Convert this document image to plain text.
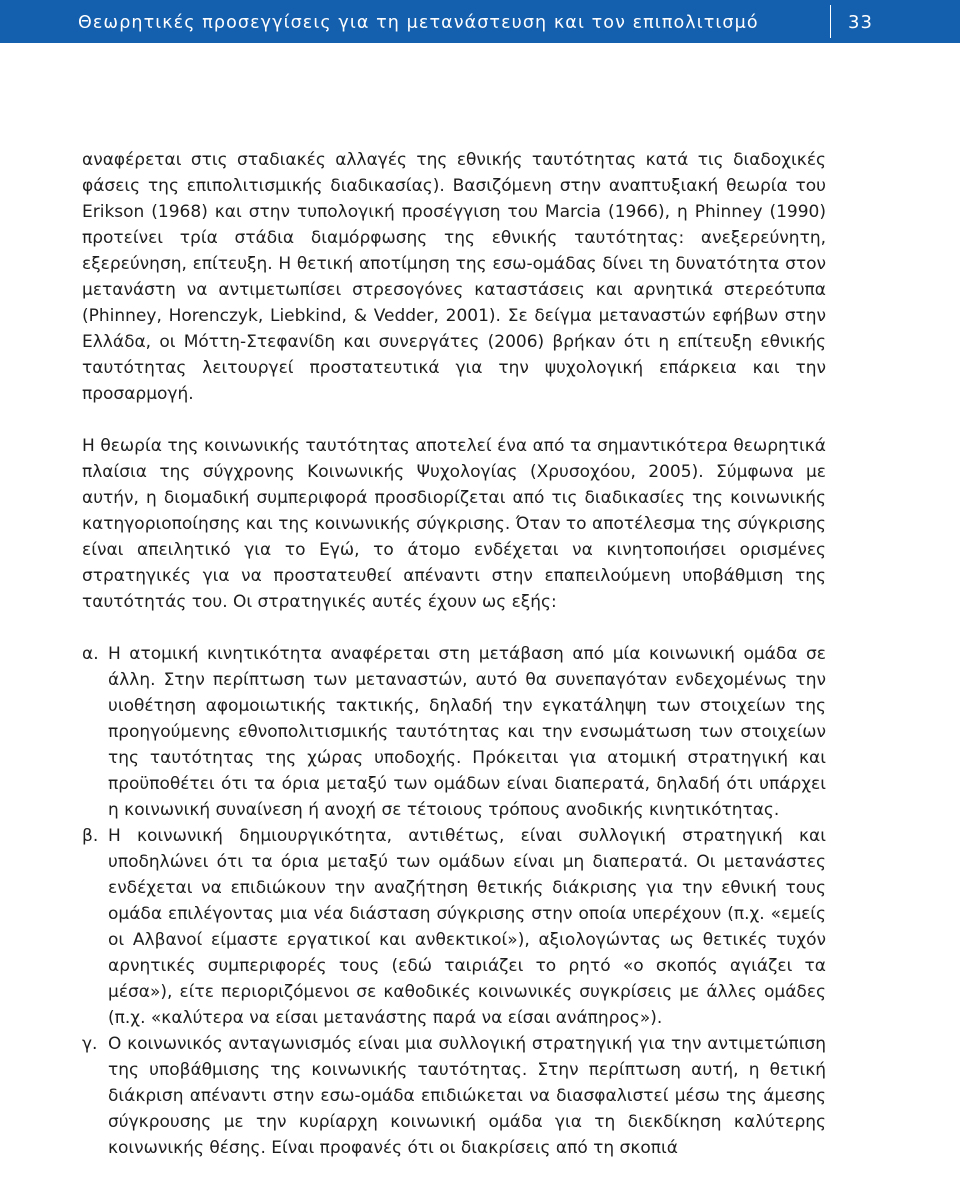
Θεωρητικές προσεγγίσεις για τη μετανάστευση και τον επιπολιτισμό	33

αναφέρεται στις σταδιακές αλλαγές της εθνικής ταυτότητας κατά τις διαδοχικές φάσεις της επιπολιτισμικής διαδικασίας). Βασιζόμενη στην αναπτυξιακή θεωρία του Erikson (1968) και στην τυπολογική προσέγγιση του Marcia (1966), η Phinney (1990) προτείνει τρία στάδια διαμόρφωσης της εθνικής ταυτότητας: ανεξερεύνητη, εξερεύνηση, επίτευξη. Η θετική αποτίμηση της εσω-ομάδας δίνει τη δυνατότητα στον μετανάστη να αντιμετωπίσει στρεσογόνες καταστάσεις και αρνητικά στερεότυπα (Phinney, Horenczyk, Liebkind, & Vedder, 2001). Σε δείγμα μεταναστών εφήβων στην Ελλάδα, οι Μόττη-Στεφανίδη και συνεργάτες (2006) βρήκαν ότι η επίτευξη εθνικής ταυτότητας λειτουργεί προστατευτικά για την ψυχολογική επάρκεια και την προσαρμογή.

Η θεωρία της κοινωνικής ταυτότητας αποτελεί ένα από τα σημαντικότερα θεωρητικά πλαίσια της σύγχρονης Κοινωνικής Ψυχολογίας (Χρυσοχόου, 2005). Σύμφωνα με αυτήν, η διομαδική συμπεριφορά προσδιορίζεται από τις διαδικασίες της κοινωνικής κατηγοριοποίησης και της κοινωνικής σύγκρισης. Όταν το αποτέλεσμα της σύγκρισης είναι απειλητικό για το Εγώ, το άτομο ενδέχεται να κινητοποιήσει ορισμένες στρατηγικές για να προστατευθεί απέναντι στην επαπειλούμενη υποβάθμιση της ταυτότητάς του. Οι στρατηγικές αυτές έχουν ως εξής:

α. Η ατομική κινητικότητα αναφέρεται στη μετάβαση από μία κοινωνική ομάδα σε άλλη. Στην περίπτωση των μεταναστών, αυτό θα συνεπαγόταν ενδεχομένως την υιοθέτηση αφομοιωτικής τακτικής, δηλαδή την εγκατάληψη των στοιχείων της προηγούμενης εθνοπολιτισμικής ταυτότητας και την ενσωμάτωση των στοιχείων της ταυτότητας της χώρας υποδοχής. Πρόκειται για ατομική στρατηγική και προϋποθέτει ότι τα όρια μεταξύ των ομάδων είναι διαπερατά, δηλαδή ότι υπάρχει η κοινωνική συναίνεση ή ανοχή σε τέτοιους τρόπους ανοδικής κινητικότητας.

β. Η κοινωνική δημιουργικότητα, αντιθέτως, είναι συλλογική στρατηγική και υποδηλώνει ότι τα όρια μεταξύ των ομάδων είναι μη διαπερατά. Οι μετανάστες ενδέχεται να επιδιώκουν την αναζήτηση θετικής διάκρισης για την εθνική τους ομάδα επιλέγοντας μια νέα διάσταση σύγκρισης στην οποία υπερέχουν (π.χ. «εμείς οι Αλβανοί είμαστε εργατικοί και ανθεκτικοί»), αξιολογώντας ως θετικές τυχόν αρνητικές συμπεριφορές τους (εδώ ταιριάζει το ρητό «ο σκοπός αγιάζει τα μέσα»), είτε περιοριζόμενοι σε καθοδικές κοινωνικές συγκρίσεις με άλλες ομάδες (π.χ. «καλύτερα να είσαι μετανάστης παρά να είσαι ανάπηρος»).

γ. Ο κοινωνικός ανταγωνισμός είναι μια συλλογική στρατηγική για την αντιμετώπιση της υποβάθμισης της κοινωνικής ταυτότητας. Στην περίπτωση αυτή, η θετική διάκριση απέναντι στην εσω-ομάδα επιδιώκεται να διασφαλιστεί μέσω της άμεσης σύγκρουσης με την κυρίαρχη κοινωνική ομάδα για τη διεκδίκηση καλύτερης κοινωνικής θέσης. Είναι προφανές ότι οι διακρίσεις από τη σκοπιά
